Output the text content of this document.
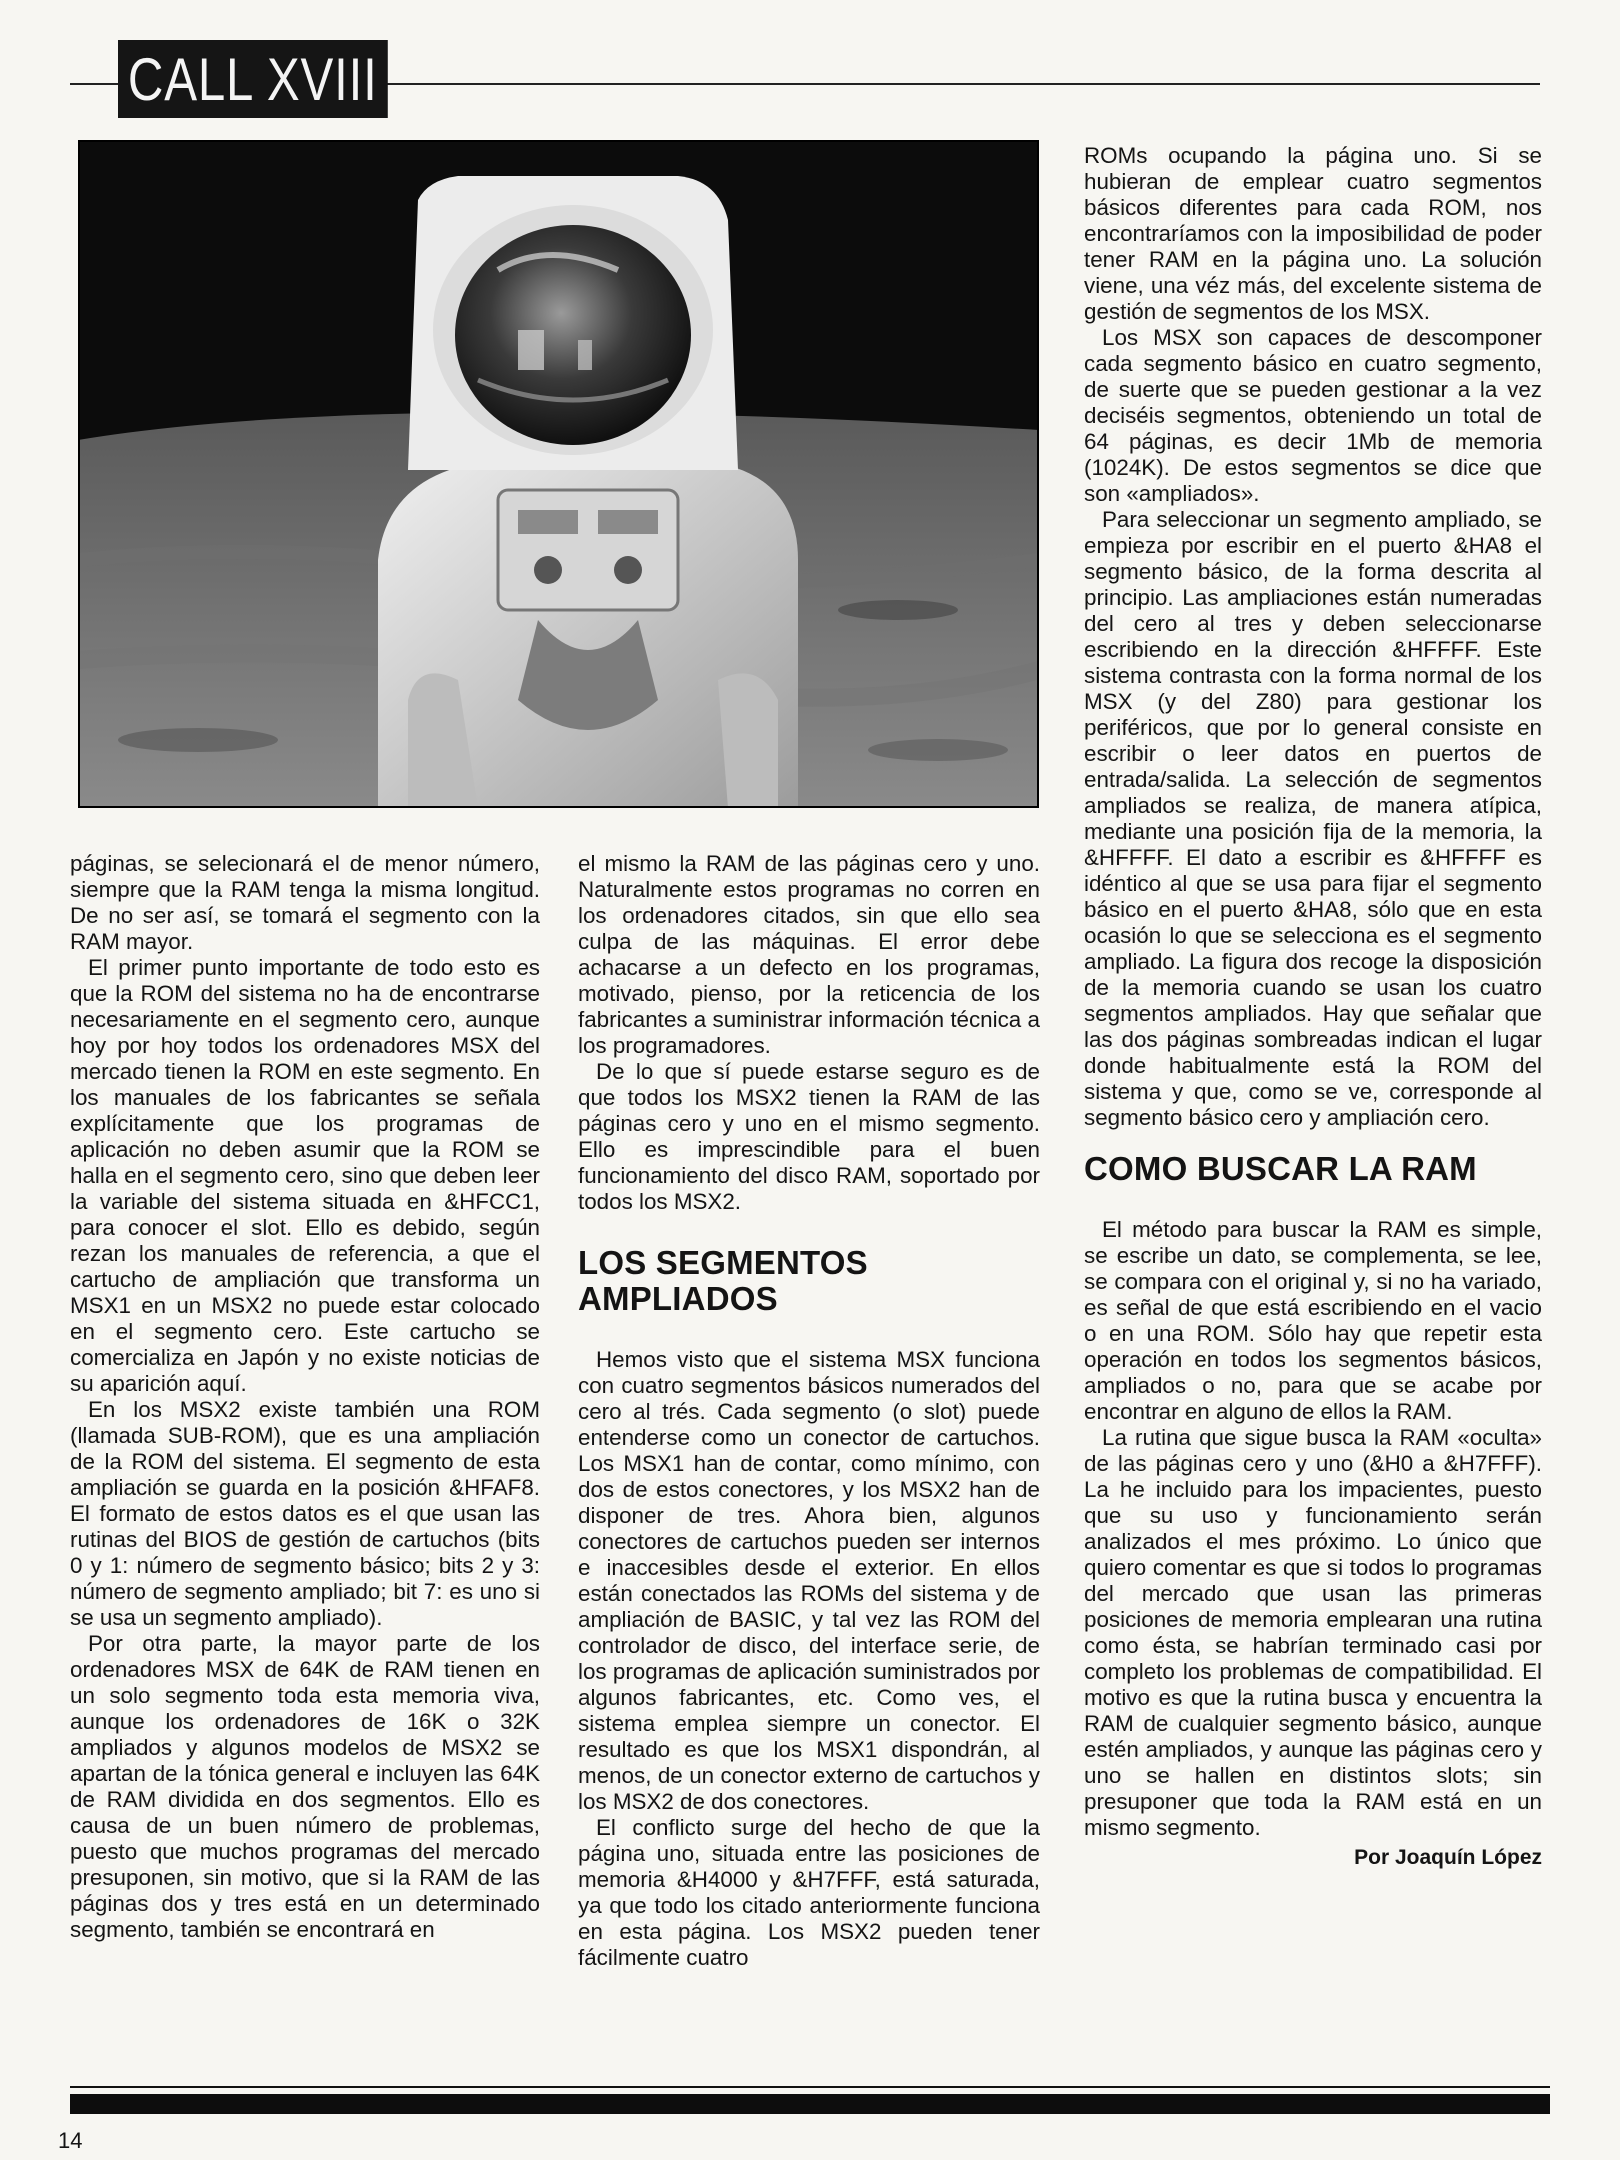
CALL XVIII

páginas, se selecionará el de menor número, siempre que la RAM tenga la misma longitud. De no ser así, se tomará el segmento con la RAM mayor.

El primer punto importante de todo esto es que la ROM del sistema no ha de encontrarse necesariamente en el segmento cero, aunque hoy por hoy todos los ordenadores MSX del mercado tienen la ROM en este segmento. En los manuales de los fabricantes se señala explícitamente que los programas de aplicación no deben asumir que la ROM se halla en el segmento cero, sino que deben leer la variable del sistema situada en &HFCC1, para conocer el slot. Ello es debido, según rezan los manuales de referencia, a que el cartucho de ampliación que transforma un MSX1 en un MSX2 no puede estar colocado en el segmento cero. Este cartucho se comercializa en Japón y no existe noticias de su aparición aquí.

En los MSX2 existe también una ROM (llamada SUB-ROM), que es una ampliación de la ROM del sistema. El segmento de esta ampliación se guarda en la posición &HFAF8. El formato de estos datos es el que usan las rutinas del BIOS de gestión de cartuchos (bits 0 y 1: número de segmento básico; bits 2 y 3: número de segmento ampliado; bit 7: es uno si se usa un segmento ampliado).

Por otra parte, la mayor parte de los ordenadores MSX de 64K de RAM tienen en un solo segmento toda esta memoria viva, aunque los ordenadores de 16K o 32K ampliados y algunos modelos de MSX2 se apartan de la tónica general e incluyen las 64K de RAM dividida en dos segmentos. Ello es causa de un buen número de problemas, puesto que muchos programas del mercado presuponen, sin motivo, que si la RAM de las páginas dos y tres está en un determinado segmento, también se encontrará en

el mismo la RAM de las páginas cero y uno. Naturalmente estos programas no corren en los ordenadores citados, sin que ello sea culpa de las máquinas. El error debe achacarse a un defecto en los programas, motivado, pienso, por la reticencia de los fabricantes a suministrar información técnica a los programadores.

De lo que sí puede estarse seguro es de que todos los MSX2 tienen la RAM de las páginas cero y uno en el mismo segmento. Ello es imprescindible para el buen funcionamiento del disco RAM, soportado por todos los MSX2.

LOS SEGMENTOS AMPLIADOS

Hemos visto que el sistema MSX funciona con cuatro segmentos básicos numerados del cero al trés. Cada segmento (o slot) puede entenderse como un conector de cartuchos. Los MSX1 han de contar, como mínimo, con dos de estos conectores, y los MSX2 han de disponer de tres. Ahora bien, algunos conectores de cartuchos pueden ser internos e inaccesibles desde el exterior. En ellos están conectados las ROMs del sistema y de ampliación de BASIC, y tal vez las ROM del controlador de disco, del interface serie, de los programas de aplicación suministrados por algunos fabricantes, etc. Como ves, el sistema emplea siempre un conector. El resultado es que los MSX1 dispondrán, al menos, de un conector externo de cartuchos y los MSX2 de dos conectores.

El conflicto surge del hecho de que la página uno, situada entre las posiciones de memoria &H4000 y &H7FFF, está saturada, ya que todo los citado anteriormente funciona en esta página. Los MSX2 pueden tener fácilmente cuatro

ROMs ocupando la página uno. Si se hubieran de emplear cuatro segmentos básicos diferentes para cada ROM, nos encontraríamos con la imposibilidad de poder tener RAM en la página uno. La solución viene, una véz más, del excelente sistema de gestión de segmentos de los MSX.

Los MSX son capaces de descomponer cada segmento básico en cuatro segmento, de suerte que se pueden gestionar a la vez deciséis segmentos, obteniendo un total de 64 páginas, es decir 1Mb de memoria (1024K). De estos segmentos se dice que son «ampliados».

Para seleccionar un segmento ampliado, se empieza por escribir en el puerto &HA8 el segmento básico, de la forma descrita al principio. Las ampliaciones están numeradas del cero al tres y deben seleccionarse escribiendo en la dirección &HFFFF. Este sistema contrasta con la forma normal de los MSX (y del Z80) para gestionar los periféricos, que por lo general consiste en escribir o leer datos en puertos de entrada/salida. La selección de segmentos ampliados se realiza, de manera atípica, mediante una posición fija de la memoria, la &HFFFF. El dato a escribir es &HFFFF es idéntico al que se usa para fijar el segmento básico en el puerto &HA8, sólo que en esta ocasión lo que se selecciona es el segmento ampliado. La figura dos recoge la disposición de la memoria cuando se usan los cuatro segmentos ampliados. Hay que señalar que las dos páginas sombreadas indican el lugar donde habitualmente está la ROM del sistema y que, como se ve, corresponde al segmento básico cero y ampliación cero.

COMO BUSCAR LA RAM

El método para buscar la RAM es simple, se escribe un dato, se complementa, se lee, se compara con el original y, si no ha variado, es señal de que está escribiendo en el vacio o en una ROM. Sólo hay que repetir esta operación en todos los segmentos básicos, ampliados o no, para que se acabe por encontrar en alguno de ellos la RAM.

La rutina que sigue busca la RAM «oculta» de las páginas cero y uno (&H0 a &H7FFF). La he incluido para los impacientes, puesto que su uso y funcionamiento serán analizados el mes próximo. Lo único que quiero comentar es que si todos lo programas del mercado que usan las primeras posiciones de memoria emplearan una rutina como ésta, se habrían terminado casi por completo los problemas de compatibilidad. El motivo es que la rutina busca y encuentra la RAM de cualquier segmento básico, aunque estén ampliados, y aunque las páginas cero y uno se hallen en distintos slots; sin presuponer que toda la RAM está en un mismo segmento.

Por Joaquín López
14
